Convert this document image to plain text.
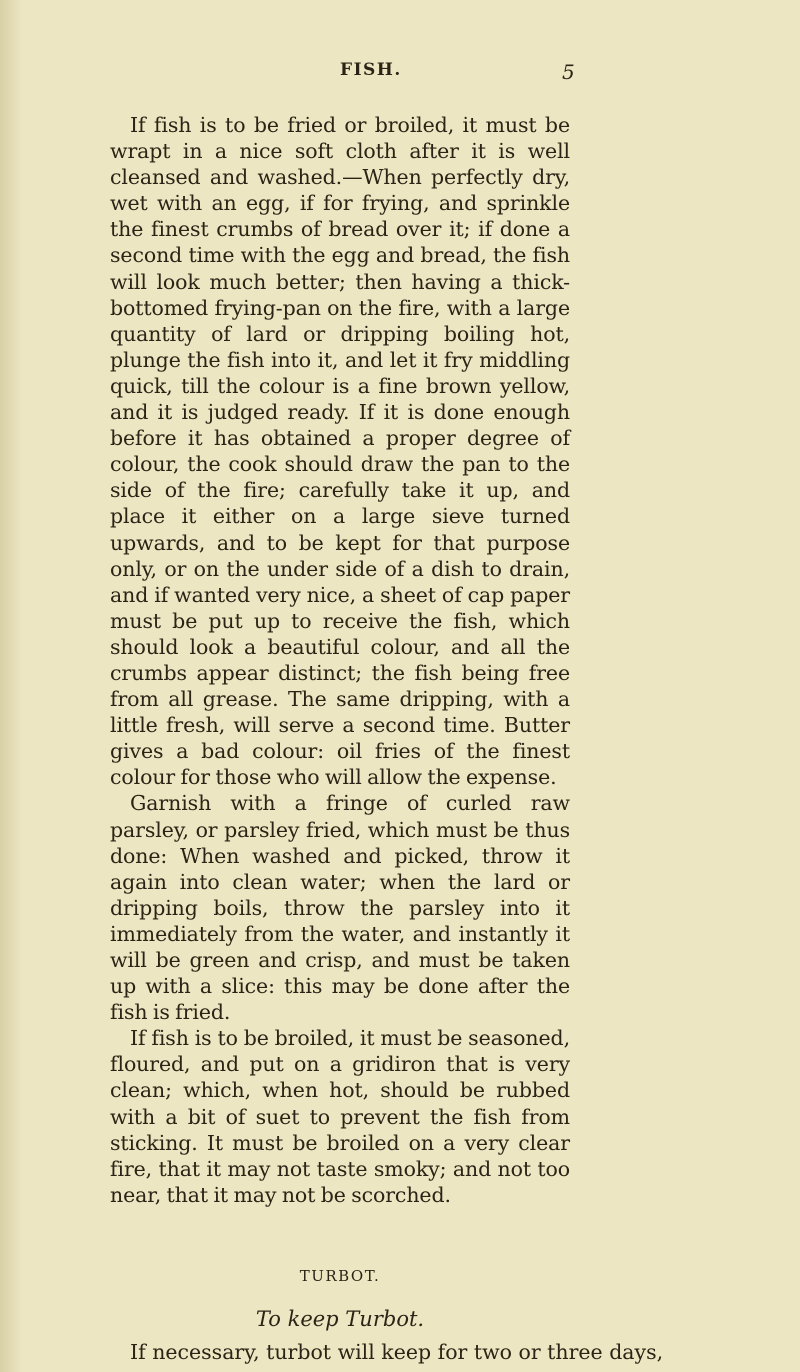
FISH.	5

If fish is to be fried or broiled, it must be wrapt in a nice soft cloth after it is well cleansed and washed.—When perfectly dry, wet with an egg, if for frying, and sprinkle the finest crumbs of bread over it; if done a second time with the egg and bread, the fish will look much better; then having a thick-bottomed frying-pan on the fire, with a large quantity of lard or dripping boiling hot, plunge the fish into it, and let it fry middling quick, till the colour is a fine brown yellow, and it is judged ready. If it is done enough before it has obtained a proper degree of colour, the cook should draw the pan to the side of the fire; carefully take it up, and place it either on a large sieve turned upwards, and to be kept for that purpose only, or on the under side of a dish to drain, and if wanted very nice, a sheet of cap paper must be put up to receive the fish, which should look a beautiful colour, and all the crumbs appear distinct; the fish being free from all grease. The same dripping, with a little fresh, will serve a second time. Butter gives a bad colour: oil fries of the finest colour for those who will allow the expense.

Garnish with a fringe of curled raw parsley, or parsley fried, which must be thus done: When washed and picked, throw it again into clean water; when the lard or dripping boils, throw the parsley into it immediately from the water, and instantly it will be green and crisp, and must be taken up with a slice: this may be done after the fish is fried.

If fish is to be broiled, it must be seasoned, floured, and put on a gridiron that is very clean; which, when hot, should be rubbed with a bit of suet to prevent the fish from sticking. It must be broiled on a very clear fire, that it may not taste smoky; and not too near, that it may not be scorched.

TURBOT.
To keep Turbot.
If necessary, turbot will keep for two or three days,
